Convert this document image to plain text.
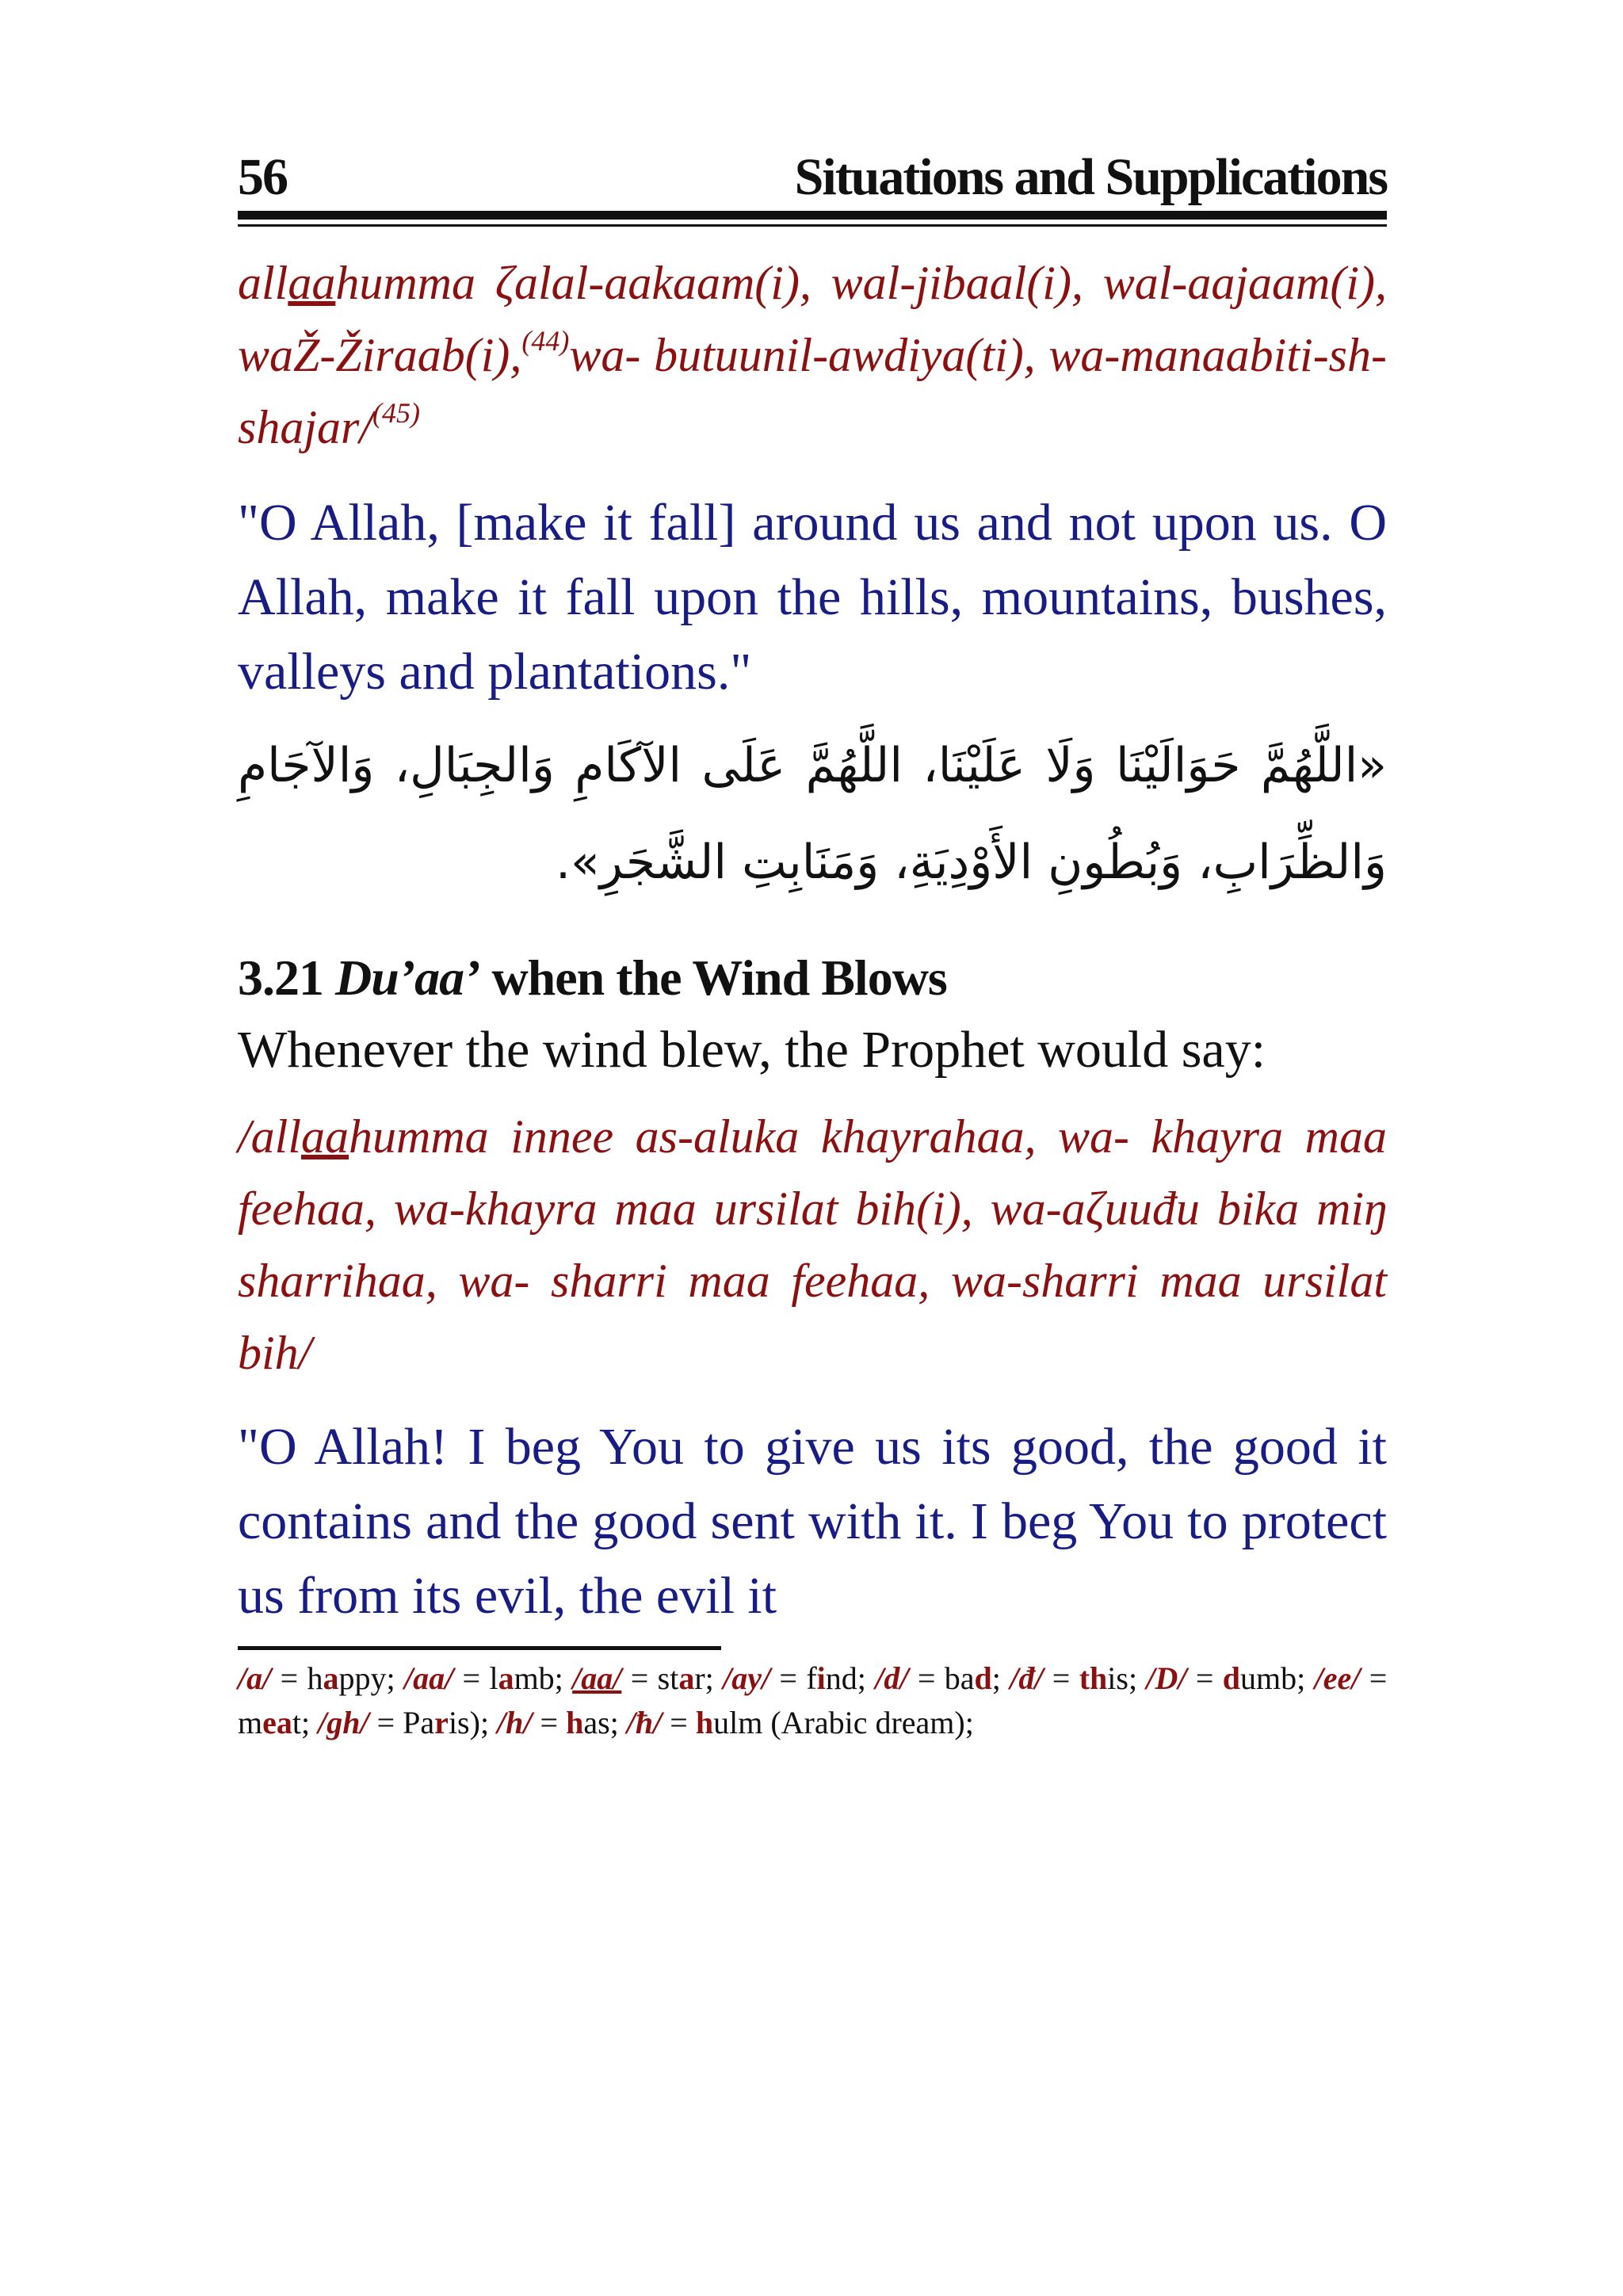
56	Situations and Supplications

allaahumma ζalal-aakaam(i), wal-jibaal(i), wal-aajaam(i), waŽ-Žiraab(i),$^{(44)}$wa- butuunil-awdiya(ti), wa-manaabiti-sh- shajar/$^{(45)}$

"O Allah, [make it fall] around us and not upon us. O Allah, make it fall upon the hills, mountains, bushes, valleys and plantations."

«اللَّهُمَّ حَوَالَيْنَا وَلَا عَلَيْنَا، اللَّهُمَّ عَلَى الآكَامِ وَالجِبَالِ، وَالآجَامِ وَالظِّرَابِ، وَبُطُونِ الأَوْدِيَةِ، وَمَنَابِتِ الشَّجَرِ».

3.21 Du’aa’ when the Wind Blows

Whenever the wind blew, the Prophet would say:

/allaahumma innee as-aluka khayrahaa, wa- khayra maa feehaa, wa-khayra maa ursilat bih(i), wa-aζuuđu bika miŋ sharrihaa, wa- sharri maa feehaa, wa-sharri maa ursilat bih/

"O Allah! I beg You to give us its good, the good it contains and the good sent with it. I beg You to protect us from its evil, the evil it

/a/ = happy; /aa/ = lamb; /aa/ = star; /ay/ = find; /d/ = bad; /đ/ = this; /D/ = dumb; /ee/ = meat; /gh/ = Paris); /h/ = has; /ħ/ = hulm (Arabic dream);
